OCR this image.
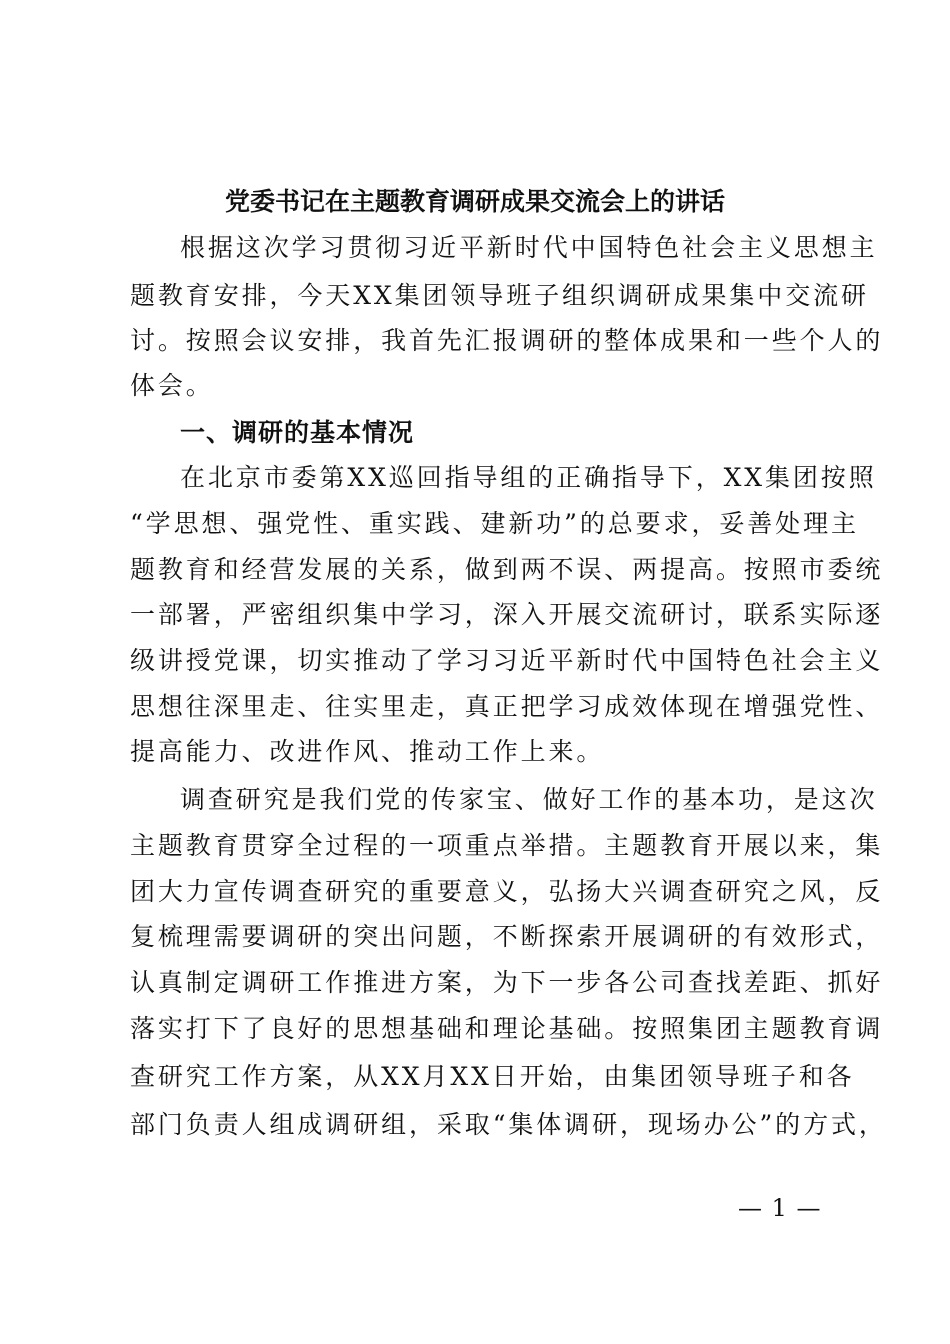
党委书记在主题教育调研成果交流会上的讲话
根据这次学习贯彻习近平新时代中国特色社会主义思想主
题教育安排，今天XX集团领导班子组织调研成果集中交流研
讨。按照会议安排，我首先汇报调研的整体成果和一些个人的
体会。
一、调研的基本情况
在北京市委第XX巡回指导组的正确指导下，XX集团按照
“学思想、强党性、重实践、建新功”的总要求，妥善处理主
题教育和经营发展的关系，做到两不误、两提高。按照市委统
一部署，严密组织集中学习，深入开展交流研讨，联系实际逐
级讲授党课，切实推动了学习习近平新时代中国特色社会主义
思想往深里走、往实里走，真正把学习成效体现在增强党性、
提高能力、改进作风、推动工作上来。
调查研究是我们党的传家宝、做好工作的基本功，是这次
主题教育贯穿全过程的一项重点举措。主题教育开展以来，集
团大力宣传调查研究的重要意义，弘扬大兴调查研究之风，反
复梳理需要调研的突出问题，不断探索开展调研的有效形式，
认真制定调研工作推进方案，为下一步各公司查找差距、抓好
落实打下了良好的思想基础和理论基础。按照集团主题教育调
查研究工作方案，从XX月XX日开始，由集团领导班子和各
部门负责人组成调研组，采取“集体调研，现场办公”的方式，
— 1 —
